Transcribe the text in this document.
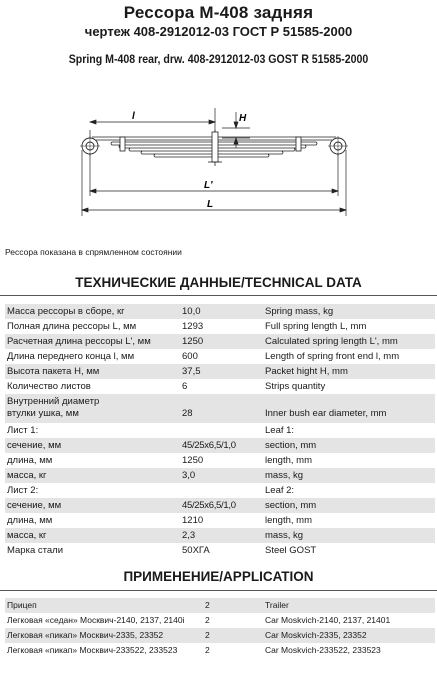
Рессора М-408 задняя
чертеж 408-2912012-03 ГОСТ Р 51585-2000
Spring M-408 rear, drw. 408-2912012-03 GOST R 51585-2000
l	H
L'
L
Рессора показана в спрямленном состоянии
ТЕХНИЧЕСКИЕ ДАННЫЕ/TECHNICAL DATA
Масса рессоры в сборе, кг	10,0	Spring mass, kg
Полная длина рессоры L, мм	1293	Full spring length L, mm
Расчетная длина рессоры L', мм	1250	Calculated spring length L', mm
Длина переднего конца l, мм	600	Length of spring front end l, mm
Высота пакета H, мм	37,5	Packet hight H, mm
Количество листов	6	Strips quantity
Внутренний диаметр
втулки ушка, мм	28	Inner bush ear diameter, mm
Лист 1:	Leaf 1:
сечение, мм	45/25х6,5/1,0	section, mm
длина, мм	1250	length, mm
масса, кг	3,0	mass, kg
Лист 2:	Leaf 2:
сечение, мм	45/25х6,5/1,0	section, mm
длина, мм	1210	length, mm
масса, кг	2,3	mass, kg
Марка стали	50ХГА	Steel GOST
ПРИМЕНЕНИЕ/APPLICATION
Прицеп	2	Trailer
Легковая «седан» Москвич-2140, 2137, 2140i 2	Car Moskvich-2140, 2137, 21401
Легковая «пикап» Москвич-2335, 23352	2	Car Moskvich-2335, 23352
Легковая «пикап» Москвич-233522, 233523	2	Car Moskvich-233522, 233523
